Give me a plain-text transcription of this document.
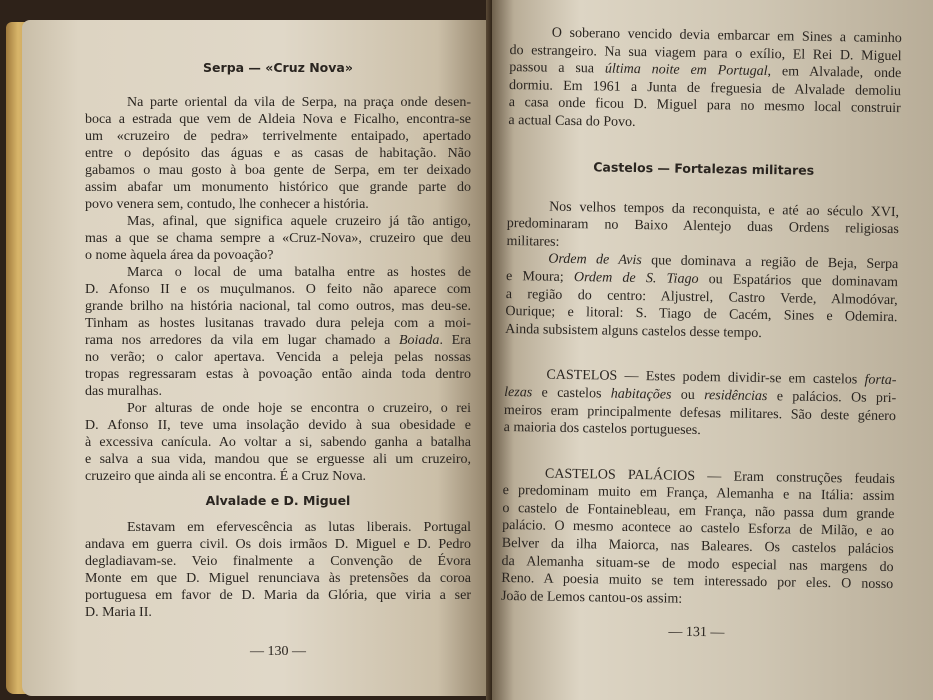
Serpa — «Cruz Nova»
Na parte oriental da vila de Serpa, na praça onde desen-
boca a estrada que vem de Aldeia Nova e Ficalho, encontra-se
um «cruzeiro de pedra» terrivelmente entaipado, apertado
entre o depósito das águas e as casas de habitação. Não
gabamos o mau gosto à boa gente de Serpa, em ter deixado
assim abafar um monumento histórico que grande parte do
povo venera sem, contudo, lhe conhecer a história.
Mas, afinal, que significa aquele cruzeiro já tão antigo,
mas a que se chama sempre a «Cruz-Nova», cruzeiro que deu
o nome àquela área da povoação?
Marca o local de uma batalha entre as hostes de
D. Afonso II e os muçulmanos. O feito não aparece com
grande brilho na história nacional, tal como outros, mas deu-se.
Tinham as hostes lusitanas travado dura peleja com a moi-
rama nos arredores da vila em lugar chamado a Boiada. Era
no verão; o calor apertava. Vencida a peleja pelas nossas
tropas regressaram estas à povoação então ainda toda dentro
das muralhas.
Por alturas de onde hoje se encontra o cruzeiro, o rei
D. Afonso II, teve uma insolação devido à sua obesidade e
à excessiva canícula. Ao voltar a si, sabendo ganha a batalha
e salva a sua vida, mandou que se erguesse ali um cruzeiro,
cruzeiro que ainda ali se encontra. É a Cruz Nova.
Alvalade e D. Miguel
Estavam em efervescência as lutas liberais. Portugal
andava em guerra civil. Os dois irmãos D. Miguel e D. Pedro
degladiavam-se. Veio finalmente a Convenção de Évora
Monte em que D. Miguel renunciava às pretensões da coroa
portuguesa em favor de D. Maria da Glória, que viria a ser
D. Maria II.
— 130 —
O soberano vencido devia embarcar em Sines a caminho
do estrangeiro. Na sua viagem para o exílio, El Rei D. Miguel
passou a sua última noite em Portugal, em Alvalade, onde
dormiu. Em 1961 a Junta de freguesia de Alvalade demoliu
a casa onde ficou D. Miguel para no mesmo local construir
a actual Casa do Povo.
Castelos — Fortalezas militares
Nos velhos tempos da reconquista, e até ao século XVI,
predominaram no Baixo Alentejo duas Ordens religiosas
militares:
Ordem de Avis que dominava a região de Beja, Serpa
e Moura; Ordem de S. Tiago ou Espatários que dominavam
a região do centro: Aljustrel, Castro Verde, Almodóvar,
Ourique; e litoral: S. Tiago de Cacém, Sines e Odemira.
Ainda subsistem alguns castelos desse tempo.
CASTELOS — Estes podem dividir-se em castelos forta-
lezas e castelos habitações ou residências e palácios. Os pri-
meiros eram principalmente defesas militares. São deste género
a maioria dos castelos portugueses.
CASTELOS PALÁCIOS — Eram construções feudais
e predominam muito em França, Alemanha e na Itália: assim
o castelo de Fontainebleau, em França, não passa dum grande
palácio. O mesmo acontece ao castelo Esforza de Milão, e ao
Belver da ilha Maiorca, nas Baleares. Os castelos palácios
da Alemanha situam-se de modo especial nas margens do
Reno. A poesia muito se tem interessado por eles. O nosso
João de Lemos cantou-os assim:
— 131 —
